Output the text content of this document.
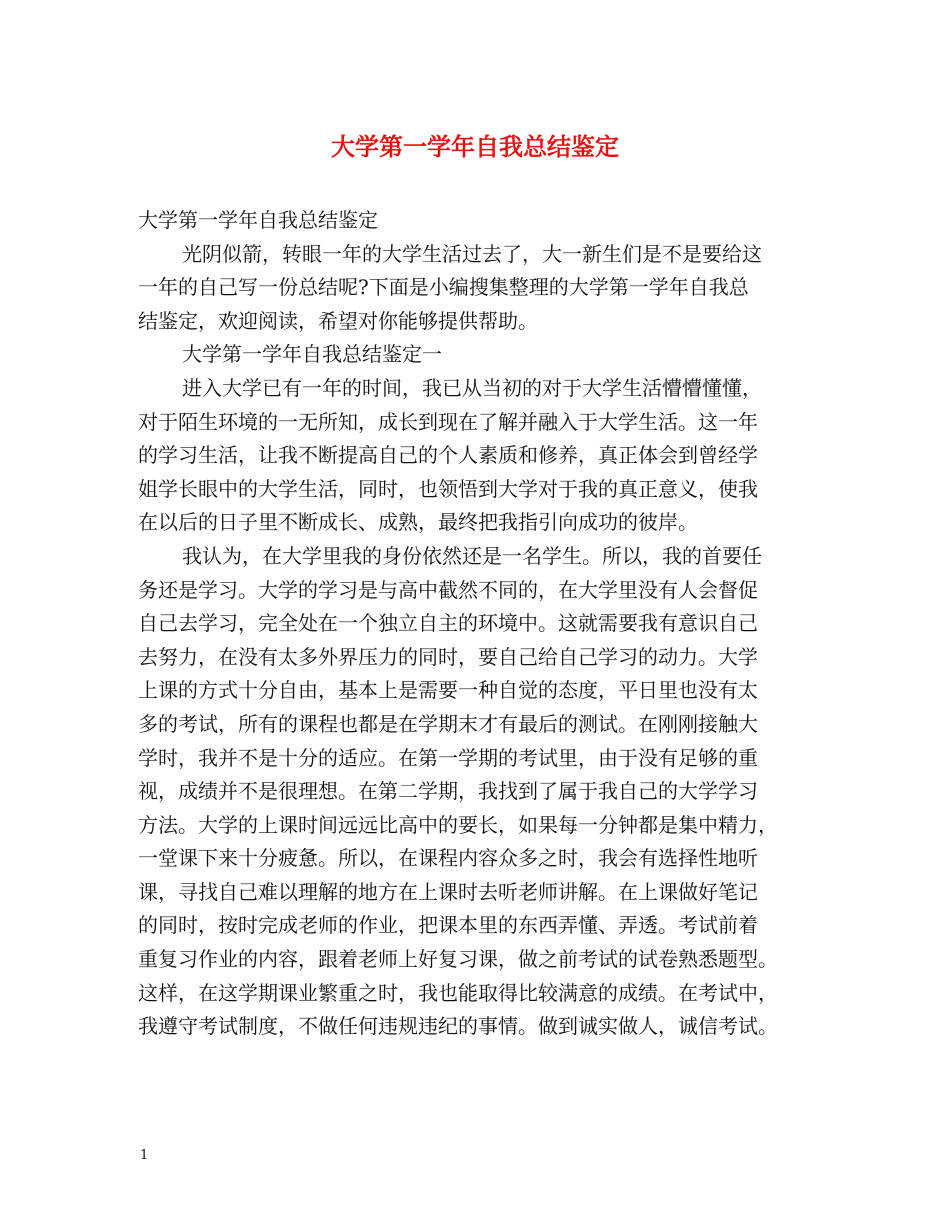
大学第一学年自我总结鉴定
大学第一学年自我总结鉴定
光阴似箭，转眼一年的大学生活过去了，大一新生们是不是要给这
一年的自己写一份总结呢?下面是小编搜集整理的大学第一学年自我总
结鉴定，欢迎阅读，希望对你能够提供帮助。
大学第一学年自我总结鉴定一
进入大学已有一年的时间，我已从当初的对于大学生活懵懵懂懂，
对于陌生环境的一无所知，成长到现在了解并融入于大学生活。这一年
的学习生活，让我不断提高自己的个人素质和修养，真正体会到曾经学
姐学长眼中的大学生活，同时，也领悟到大学对于我的真正意义，使我
在以后的日子里不断成长、成熟，最终把我指引向成功的彼岸。
我认为，在大学里我的身份依然还是一名学生。所以，我的首要任
务还是学习。大学的学习是与高中截然不同的，在大学里没有人会督促
自己去学习，完全处在一个独立自主的环境中。这就需要我有意识自己
去努力，在没有太多外界压力的同时，要自己给自己学习的动力。大学
上课的方式十分自由，基本上是需要一种自觉的态度，平日里也没有太
多的考试，所有的课程也都是在学期末才有最后的测试。在刚刚接触大
学时，我并不是十分的适应。在第一学期的考试里，由于没有足够的重
视，成绩并不是很理想。在第二学期，我找到了属于我自己的大学学习
方法。大学的上课时间远远比高中的要长，如果每一分钟都是集中精力，
一堂课下来十分疲惫。所以，在课程内容众多之时，我会有选择性地听
课，寻找自己难以理解的地方在上课时去听老师讲解。在上课做好笔记
的同时，按时完成老师的作业，把课本里的东西弄懂、弄透。考试前着
重复习作业的内容，跟着老师上好复习课，做之前考试的试卷熟悉题型。
这样，在这学期课业繁重之时，我也能取得比较满意的成绩。在考试中，
我遵守考试制度，不做任何违规违纪的事情。做到诚实做人，诚信考试。
1
